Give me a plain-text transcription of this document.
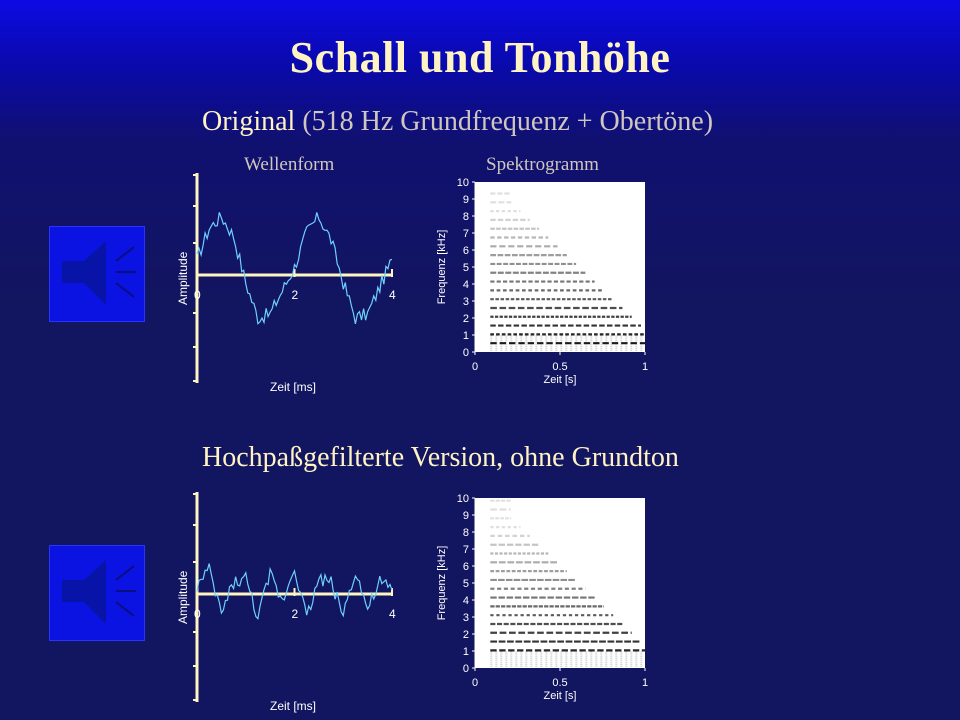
Schall und Tonhöhe
Original (518 Hz Grundfrequenz + Obertöne)
Wellenform	Spektrogramm
Hochpaßgefilterte Version, ohne Grundton
0	2	4
Zeit [ms]
Amplitude
0
1
2
3
4
5
6
7
8
9
10
0	0.5	1
Zeit [s]
Frequenz [kHz]
0	2	4
Zeit [ms]
Amplitude
0
1
2
3
4
5
6
7
8
9
10
0	0.5	1
Zeit [s]
Frequenz [kHz]
